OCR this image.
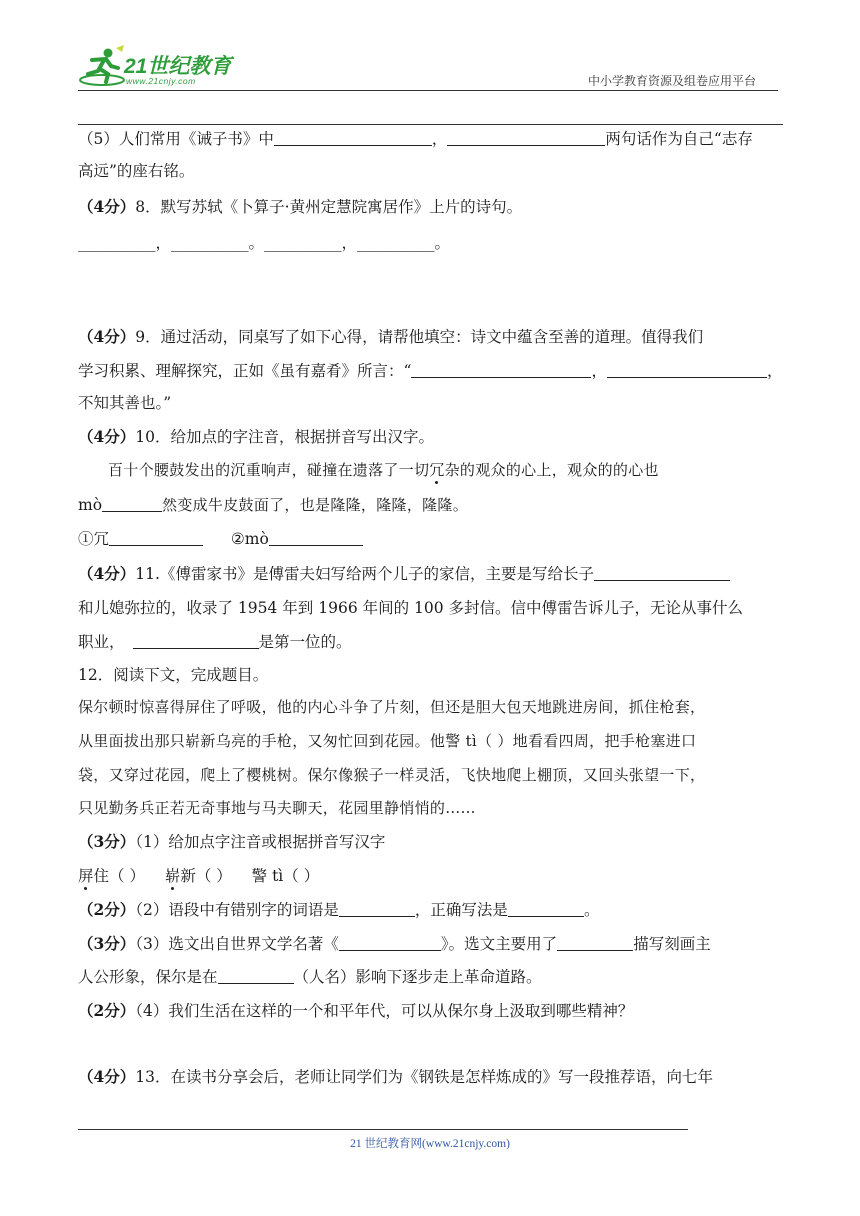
21世纪教育
www.21cnjy.com	中小学教育资源及组卷应用平台
（5）人们常用《诫子书》中	，	两句话作为自己“志存
高远”的座右铭。
（4分）8．默写苏轼《卜算子·黄州定慧院寓居作》上片的诗句。
__________，__________。__________，__________。
（4分）9．通过活动，同桌写了如下心得，请帮他填空：诗文中蕴含至善的道理。值得我们
学习积累、理解探究，正如《虽有嘉肴》所言：“	，	，
不知其善也。”
（4分）10．给加点的字注音，根据拼音写出汉字。
百十个腰鼓发出的沉重响声，碰撞在遗落了一切冗杂的观众的心上，观众的的心也
mò	然变成牛皮鼓面了，也是隆隆，隆隆，隆隆。
①冗	②mò
（4分）11.《傅雷家书》是傅雷夫妇写给两个儿子的家信，主要是写给长子
和儿媳弥拉的，收录了 1954 年到 1966 年间的 100 多封信。信中傅雷告诉儿子，无论从事什么
职业，	是第一位的。
12．阅读下文，完成题目。
保尔顿时惊喜得屏住了呼吸，他的内心斗争了片刻，但还是胆大包天地跳进房间，抓住枪套，
从里面拔出那只崭新乌亮的手枪，又匆忙回到花园。他警 tì（ ）地看看四周，把手枪塞进口
袋，又穿过花园，爬上了樱桃树。保尔像猴子一样灵活，飞快地爬上棚顶，又回头张望一下，
只见勤务兵正若无奇事地与马夫聊天，花园里静悄悄的……
（3分）（1）给加点字注音或根据拼音写汉字
屏住（ ） 崭新（ ） 警 tì（ ）
（2分）（2）语段中有错别字的词语是	，正确写法是	。
（3分）（3）选文出自世界文学名著《	》。选文主要用了	描写刻画主
人公形象，保尔是在	（人名）影响下逐步走上革命道路。
（2分）（4）我们生活在这样的一个和平年代，可以从保尔身上汲取到哪些精神？
（4分）13．在读书分享会后，老师让同学们为《钢铁是怎样炼成的》写一段推荐语，向七年
21 世纪教育网(www.21cnjy.com)
